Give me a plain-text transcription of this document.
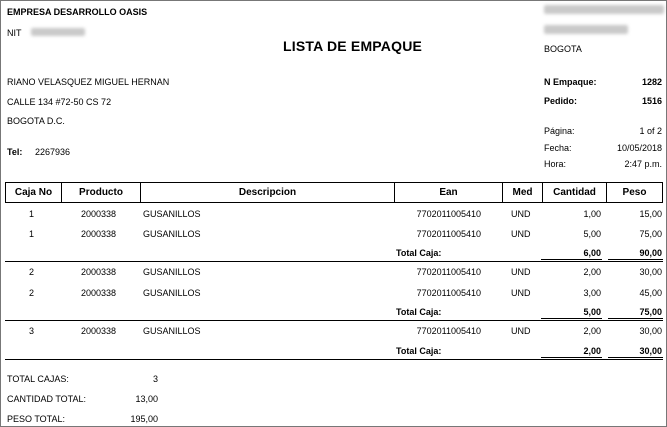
EMPRESA DESARROLLO OASIS
NIT
LISTA DE EMPAQUE	BOGOTA
RIANO VELASQUEZ MIGUEL HERNAN
CALLE 134 #72-50 CS 72
BOGOTA D.C.
Tel: 2267936
N Empaque:	1282
Pedido:	1516
Página:	1 of 2
Fecha:	10/05/2018
Hora:	2:47 p.m.
Caja No	Producto	Descripcion	Ean	Med	Cantidad	Peso
1	2000338	GUSANILLOS	7702011005410	UND	1,00	15,00
1	2000338	GUSANILLOS	7702011005410	UND	5,00	75,00
Total Caja:	6,00	90,00
2	2000338	GUSANILLOS	7702011005410	UND	2,00	30,00
2	2000338	GUSANILLOS	7702011005410	UND	3,00	45,00
Total Caja:	5,00	75,00
3	2000338	GUSANILLOS	7702011005410	UND	2,00	30,00
Total Caja:	2,00	30,00
TOTAL CAJAS:	3
CANTIDAD TOTAL:	13,00
PESO TOTAL:	195,00
